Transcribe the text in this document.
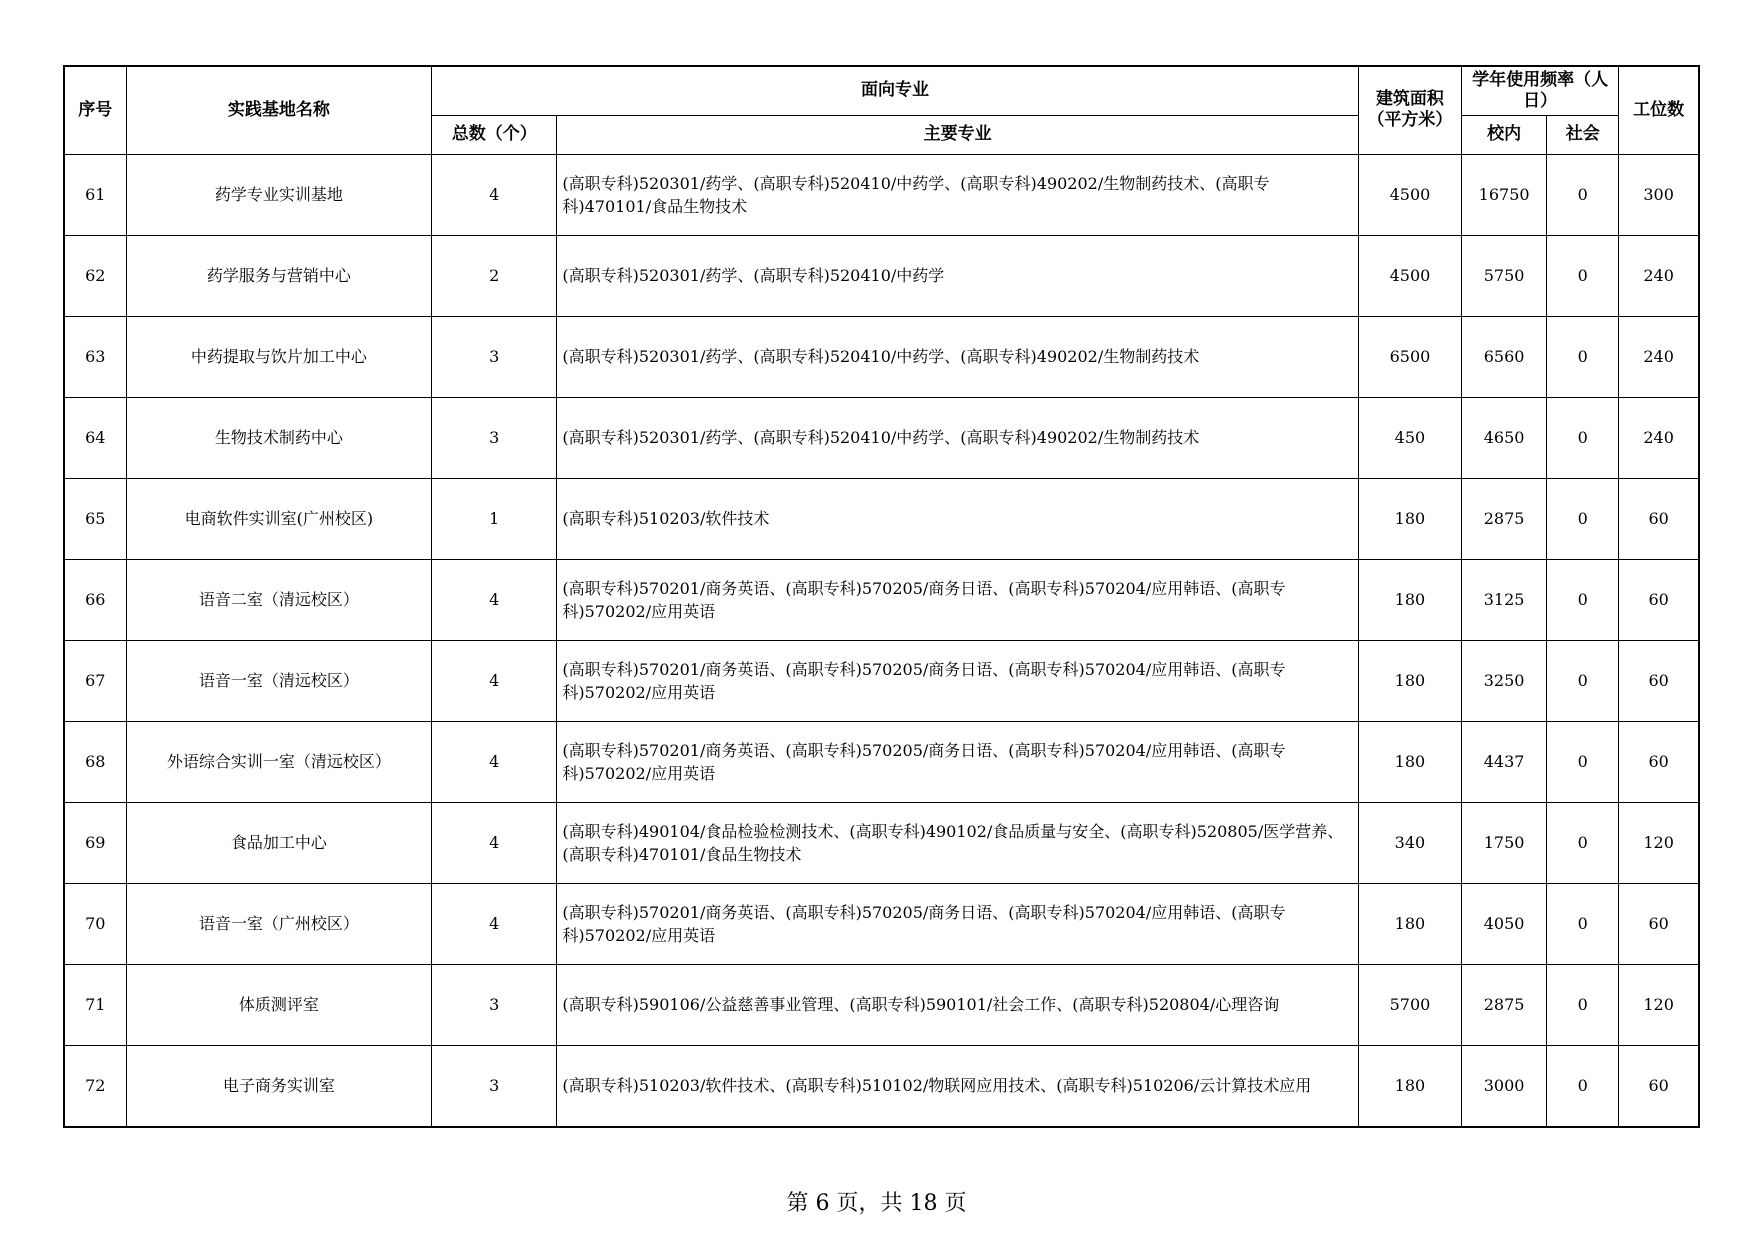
序号	实践基地名称	面向专业		建筑面积（平方米）	学年使用频率（人日）		工位数
		总数（个）	主要专业		校内	社会	
61	药学专业实训基地	4	(高职专科)520301/药学、(高职专科)520410/中药学、(高职专科)490202/生物制药技术、(高职专科)470101/食品生物技术	4500	16750	0	300
62	药学服务与营销中心	2	(高职专科)520301/药学、(高职专科)520410/中药学	4500	5750	0	240
63	中药提取与饮片加工中心	3	(高职专科)520301/药学、(高职专科)520410/中药学、(高职专科)490202/生物制药技术	6500	6560	0	240
64	生物技术制药中心	3	(高职专科)520301/药学、(高职专科)520410/中药学、(高职专科)490202/生物制药技术	450	4650	0	240
65	电商软件实训室(广州校区)	1	(高职专科)510203/软件技术	180	2875	0	60
66	语音二室（清远校区）	4	(高职专科)570201/商务英语、(高职专科)570205/商务日语、(高职专科)570204/应用韩语、(高职专科)570202/应用英语	180	3125	0	60
67	语音一室（清远校区）	4	(高职专科)570201/商务英语、(高职专科)570205/商务日语、(高职专科)570204/应用韩语、(高职专科)570202/应用英语	180	3250	0	60
68	外语综合实训一室（清远校区）	4	(高职专科)570201/商务英语、(高职专科)570205/商务日语、(高职专科)570204/应用韩语、(高职专科)570202/应用英语	180	4437	0	60
69	食品加工中心	4	(高职专科)490104/食品检验检测技术、(高职专科)490102/食品质量与安全、(高职专科)520805/医学营养、(高职专科)470101/食品生物技术	340	1750	0	120
70	语音一室（广州校区）	4	(高职专科)570201/商务英语、(高职专科)570205/商务日语、(高职专科)570204/应用韩语、(高职专科)570202/应用英语	180	4050	0	60
71	体质测评室	3	(高职专科)590106/公益慈善事业管理、(高职专科)590101/社会工作、(高职专科)520804/心理咨询	5700	2875	0	120
72	电子商务实训室	3	(高职专科)510203/软件技术、(高职专科)510102/物联网应用技术、(高职专科)510206/云计算技术应用	180	3000	0	60
第 6 页，共 18 页
